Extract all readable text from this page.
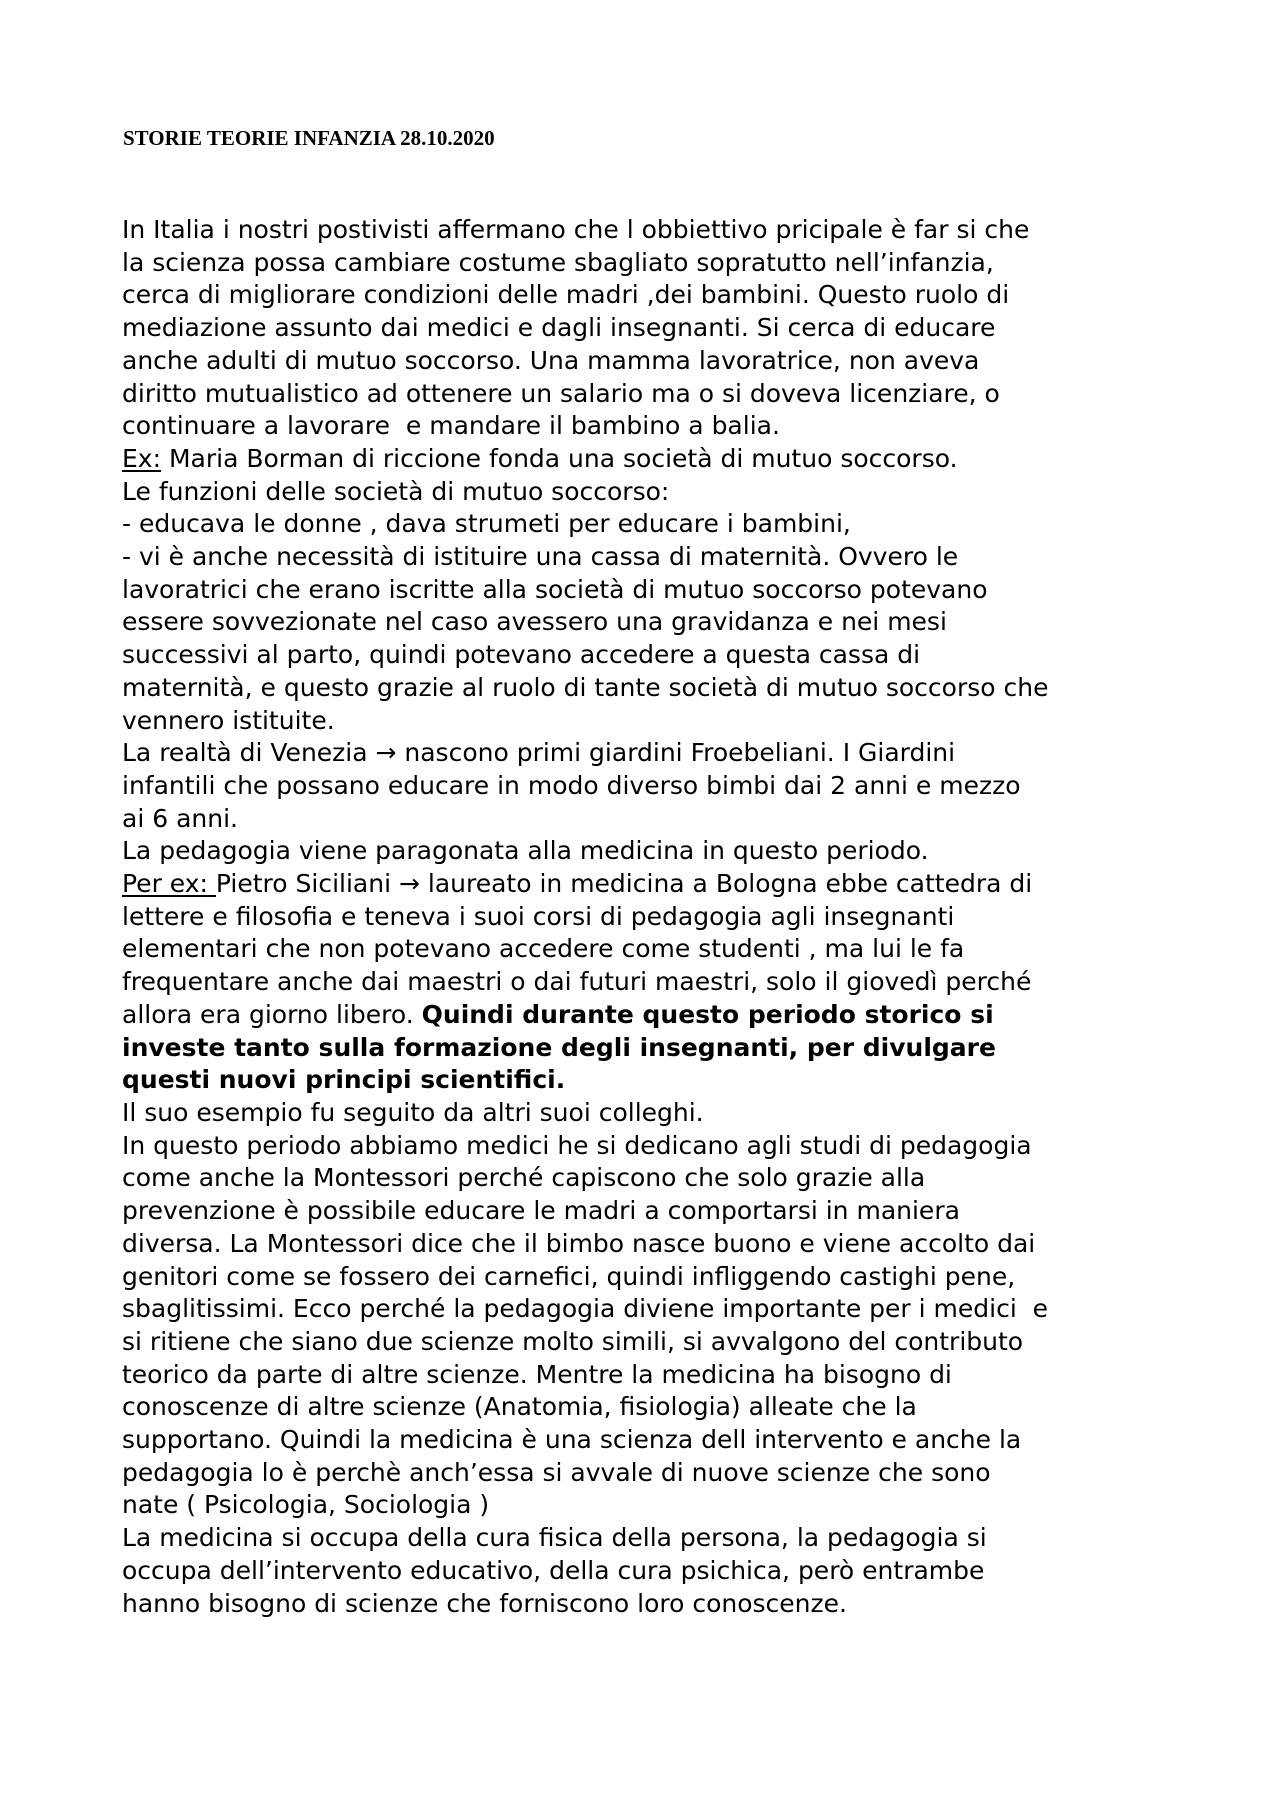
STORIE TEORIE INFANZIA 28.10.2020
In Italia i nostri postivisti affermano che l obbiettivo pricipale è far si che
la scienza possa cambiare costume sbagliato sopratutto nell’infanzia,
cerca di migliorare condizioni delle madri ,dei bambini. Questo ruolo di
mediazione assunto dai medici e dagli insegnanti. Si cerca di educare
anche adulti di mutuo soccorso. Una mamma lavoratrice, non aveva
diritto mutualistico ad ottenere un salario ma o si doveva licenziare, o
continuare a lavorare  e mandare il bambino a balia.
Ex: Maria Borman di riccione fonda una società di mutuo soccorso.
Le funzioni delle società di mutuo soccorso:
- educava le donne , dava strumeti per educare i bambini,
- vi è anche necessità di istituire una cassa di maternità. Ovvero le
lavoratrici che erano iscritte alla società di mutuo soccorso potevano
essere sovvezionate nel caso avessero una gravidanza e nei mesi
successivi al parto, quindi potevano accedere a questa cassa di
maternità, e questo grazie al ruolo di tante società di mutuo soccorso che
vennero istituite.
La realtà di Venezia → nascono primi giardini Froebeliani. I Giardini
infantili che possano educare in modo diverso bimbi dai 2 anni e mezzo
ai 6 anni.
La pedagogia viene paragonata alla medicina in questo periodo.
Per ex: Pietro Siciliani → laureato in medicina a Bologna ebbe cattedra di
lettere e filosofia e teneva i suoi corsi di pedagogia agli insegnanti
elementari che non potevano accedere come studenti , ma lui le fa
frequentare anche dai maestri o dai futuri maestri, solo il giovedì perché
allora era giorno libero. Quindi durante questo periodo storico si
investe tanto sulla formazione degli insegnanti, per divulgare
questi nuovi principi scientifici.
Il suo esempio fu seguito da altri suoi colleghi.
In questo periodo abbiamo medici he si dedicano agli studi di pedagogia
come anche la Montessori perché capiscono che solo grazie alla
prevenzione è possibile educare le madri a comportarsi in maniera
diversa. La Montessori dice che il bimbo nasce buono e viene accolto dai
genitori come se fossero dei carnefici, quindi infliggendo castighi pene,
sbaglitissimi. Ecco perché la pedagogia diviene importante per i medici  e
si ritiene che siano due scienze molto simili, si avvalgono del contributo
teorico da parte di altre scienze. Mentre la medicina ha bisogno di
conoscenze di altre scienze (Anatomia, fisiologia) alleate che la
supportano. Quindi la medicina è una scienza dell intervento e anche la
pedagogia lo è perchè anch’essa si avvale di nuove scienze che sono
nate ( Psicologia, Sociologia )
La medicina si occupa della cura fisica della persona, la pedagogia si
occupa dell’intervento educativo, della cura psichica, però entrambe
hanno bisogno di scienze che forniscono loro conoscenze.
